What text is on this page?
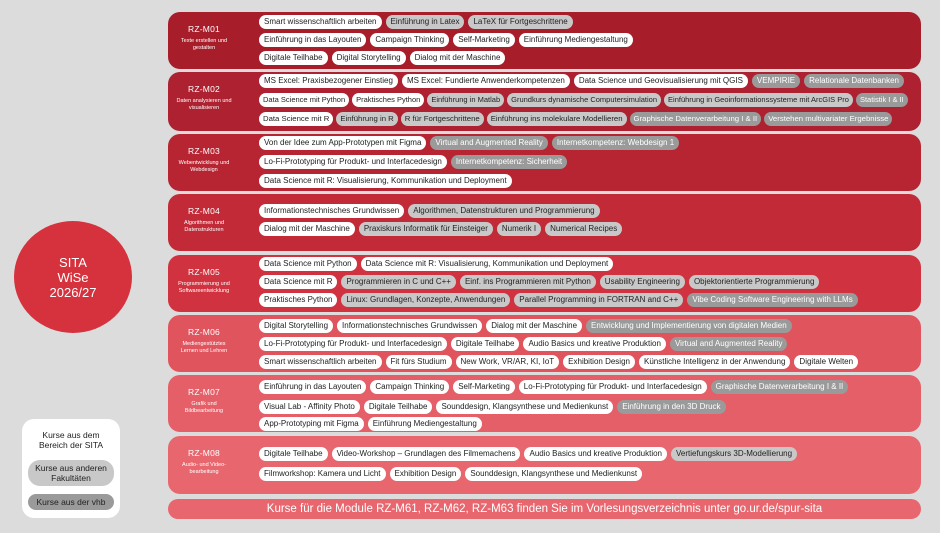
SITA
WiSe
2026/27
Kurse aus dem Bereich der SITA
Kurse aus anderen Fakultäten
Kurse aus der vhb
RZ-M01
Texte erstellen und gestalten
Smart wissenschaftlich arbeiten	Einführung in Latex	LaTeX für Fortgeschrittene
Einführung in das Layouten	Campaign Thinking	Self-Marketing	Einführung Mediengestaltung
Digitale Teilhabe	Digital Storytelling	Dialog mit der Maschine
RZ-M02
Daten analysieren und visualisieren
MS Excel: Praxisbezogener Einstieg	MS Excel: Fundierte Anwenderkompetenzen	Data Science und Geovisualisierung mit QGIS	VEMPIRIE	Relationale Datenbanken
Data Science mit Python	Praktisches Python	Einführung in Matlab	Grundkurs dynamische Computersimulation	Einführung in Geoinformationssysteme mit ArcGIS Pro	Statistik I & II
Data Science mit R	Einführung in R	R für Fortgeschrittene	Einführung ins molekulare Modellieren	Graphische Datenverarbeitung I & II	Verstehen multivariater Ergebnisse
RZ-M03
Webentwicklung und Webdesign
Von der Idee zum App-Prototypen mit Figma	Virtual and Augmented Reality	Internetkompetenz: Webdesign 1
Lo-Fi-Prototyping für Produkt- und Interfacedesign	Internetkompetenz: Sicherheit
Data Science mit R: Visualisierung, Kommunikation und Deployment
RZ-M04
Algorithmen und Datenstrukturen
Informationstechnisches Grundwissen	Algorithmen, Datenstrukturen und Programmierung
Dialog mit der Maschine	Praxiskurs Informatik für Einsteiger	Numerik I	Numerical Recipes
RZ-M05
Programmierung und Softwareentwicklung
Data Science mit Python	Data Science mit R: Visualisierung, Kommunikation und Deployment
Data Science mit R	Programmieren in C und C++	Einf. ins Programmieren mit Python	Usability Engineering	Objektorientierte Programmierung
Praktisches Python	Linux: Grundlagen, Konzepte, Anwendungen	Parallel Programming in FORTRAN and C++	Vibe Coding Software Engineering with LLMs
RZ-M06
Mediengestütztes Lernen und Lehren
Digital Storytelling	Informationstechnisches Grundwissen	Dialog mit der Maschine	Entwicklung und Implementierung von digitalen Medien
Lo-Fi-Prototyping für Produkt- und Interfacedesign	Digitale Teilhabe	Audio Basics und kreative Produktion	Virtual and Augmented Reality
Smart wissenschaftlich arbeiten	Fit fürs Studium	New Work, VR/AR, KI, IoT	Exhibition Design	Künstliche Intelligenz in der Anwendung	Digitale Welten
RZ-M07
Grafik und Bildbearbeitung
Einführung in das Layouten	Campaign Thinking	Self-Marketing	Lo-Fi-Prototyping für Produkt- und Interfacedesign	Graphische Datenverarbeitung I & II
Visual Lab - Affinity Photo	Digitale Teilhabe	Sounddesign, Klangsynthese und Medienkunst	Einführung in den 3D Druck
App-Prototyping mit Figma	Einführung Mediengestaltung
RZ-M08
Audio- und Video-bearbeitung
Digitale Teilhabe	Video-Workshop – Grundlagen des Filmemachens	Audio Basics und kreative Produktion	Vertiefungskurs 3D-Modellierung
Filmworkshop: Kamera und Licht	Exhibition Design	Sounddesign, Klangsynthese und Medienkunst
Kurse für die Module RZ-M61, RZ-M62, RZ-M63 finden Sie im Vorlesungsverzeichnis unter go.ur.de/spur-sita
